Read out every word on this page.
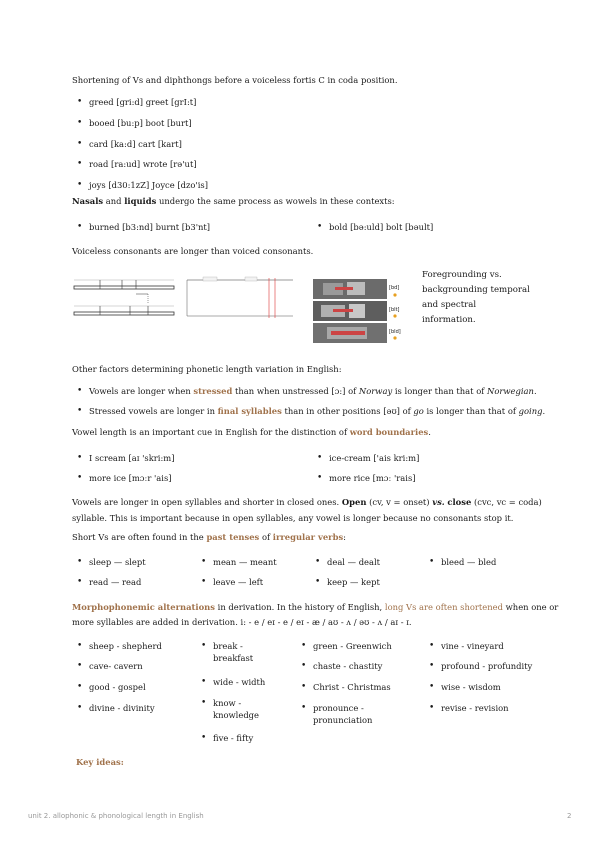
Shortening of Vs and diphthongs before a voiceless fortis C in coda position.
• greed [gri:d] greet [grI:t]
• booed [bu:p] boot [burt]
• card [ka:d] cart [kart]
• road [ra:ud] wrote [rə'ut]
• joys [d30:1zZ] Joyce [dzo'is]
Nasals and liquids undergo the same process as wowels in these contexts:
• burned [b3:nd] burnt [b3'nt]	• bold [bə:uld] bolt [bəult]
Voiceless consonants are longer than voiced consonants.
[bd]
[bIt]
[bId]
Foregrounding vs. backgrounding temporal and spectral information.
Other factors determining phonetic length variation in English:
• Vowels are longer when stressed than when unstressed [ɔ:] of Norway is longer than that of Norwegian.
• Stressed vowels are longer in final syllables than in other positions [əʊ] of go is longer than that of going.
Vowel length is an important cue in English for the distinction of word boundaries.
• I scream [aɪ 'skri:m]	• ice-cream ['ais kri:m]
• more ice [mɔːr 'ais]	• more rice [mɔː 'rais]
Vowels are longer in open syllables and shorter in closed ones. Open (cv, v = onset) vs. close (cvc, vc = coda)
syllable. This is important because in open syllables, any vowel is longer because no consonants stop it.
Short Vs are often found in the past tenses of irregular verbs:
• sleep — slept	• mean — meant	• deal — dealt	• bleed — bled
• read — read	• leave — left	• keep — kept
Morphophonemic alternations in derivation. In the history of English, long Vs are often shortened when one or
more syllables are added in derivation. i: - e / eɪ - e / eɪ - æ / aʊ - ʌ / əʊ - ʌ / aɪ - ɪ.
• sheep - shepherd
• cave- cavern
• good - gospel
• divine - divinity
• break - breakfast
• wide - width
• know - knowledge
• five - fifty
• green - Greenwich
• chaste - chastity
• Christ - Christmas
• pronounce - pronunciation
• vine - vineyard
• profound - profundity
• wise - wisdom
• revise - revision
Key ideas:
unit 2. allophonic & phonological length in English	2
